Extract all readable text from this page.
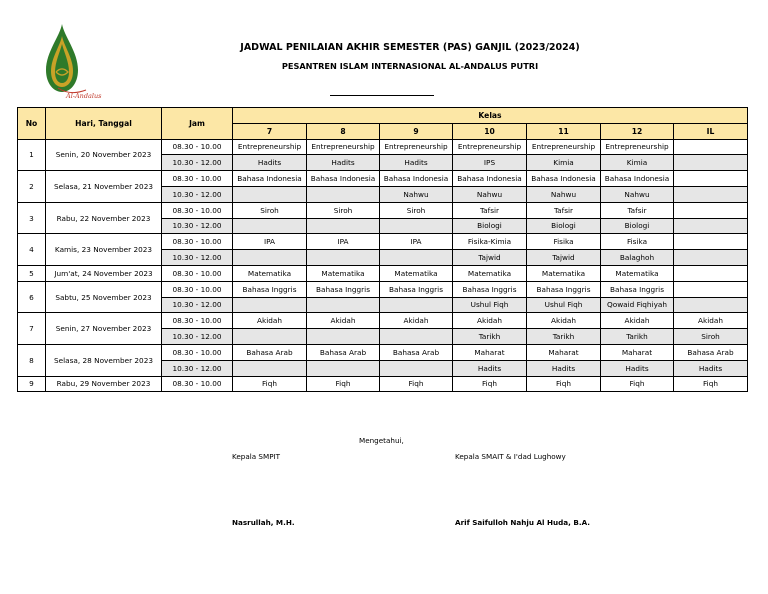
Al-Andalus
JADWAL PENILAIAN AKHIR SEMESTER (PAS) GANJIL (2023/2024)
PESANTREN ISLAM INTERNASIONAL AL-ANDALUS PUTRI
No	Hari, Tanggal	Jam	Kelas						
			7	8	9	10	11	12	IL
1	Senin, 20 November 2023	08.30 - 10.00	Entrepreneurship	Entrepreneurship	Entrepreneurship	Entrepreneurship	Entrepreneurship	Entrepreneurship	
		10.30 - 12.00	Hadits	Hadits	Hadits	IPS	Kimia	Kimia	
2	Selasa, 21 November 2023	08.30 - 10.00	Bahasa Indonesia	Bahasa Indonesia	Bahasa Indonesia	Bahasa Indonesia	Bahasa Indonesia	Bahasa Indonesia	
		10.30 - 12.00			Nahwu	Nahwu	Nahwu	Nahwu	
3	Rabu, 22 November 2023	08.30 - 10.00	Siroh	Siroh	Siroh	Tafsir	Tafsir	Tafsir	
		10.30 - 12.00				Biologi	Biologi	Biologi	
4	Kamis, 23 November 2023	08.30 - 10.00	IPA	IPA	IPA	Fisika-Kimia	Fisika	Fisika	
		10.30 - 12.00				Tajwid	Tajwid	Balaghoh	
5	Jum'at, 24 November 2023	08.30 - 10.00	Matematika	Matematika	Matematika	Matematika	Matematika	Matematika	
6	Sabtu, 25 November 2023	08.30 - 10.00	Bahasa Inggris	Bahasa Inggris	Bahasa Inggris	Bahasa Inggris	Bahasa Inggris	Bahasa Inggris	
		10.30 - 12.00				Ushul Fiqh	Ushul Fiqh	Qowaid Fiqhiyah	
7	Senin, 27 November 2023	08.30 - 10.00	Akidah	Akidah	Akidah	Akidah	Akidah	Akidah	Akidah
		10.30 - 12.00				Tarikh	Tarikh	Tarikh	Siroh
8	Selasa, 28 November 2023	08.30 - 10.00	Bahasa Arab	Bahasa Arab	Bahasa Arab	Maharat	Maharat	Maharat	Bahasa Arab
		10.30 - 12.00				Hadits	Hadits	Hadits	Hadits
9	Rabu, 29 November 2023	08.30 - 10.00	Fiqh	Fiqh	Fiqh	Fiqh	Fiqh	Fiqh	Fiqh
Mengetahui,
Kepala SMPIT	Kepala SMAIT & I'dad Lughowy
Nasrullah, M.H.	Arif Saifulloh Nahju Al Huda, B.A.
